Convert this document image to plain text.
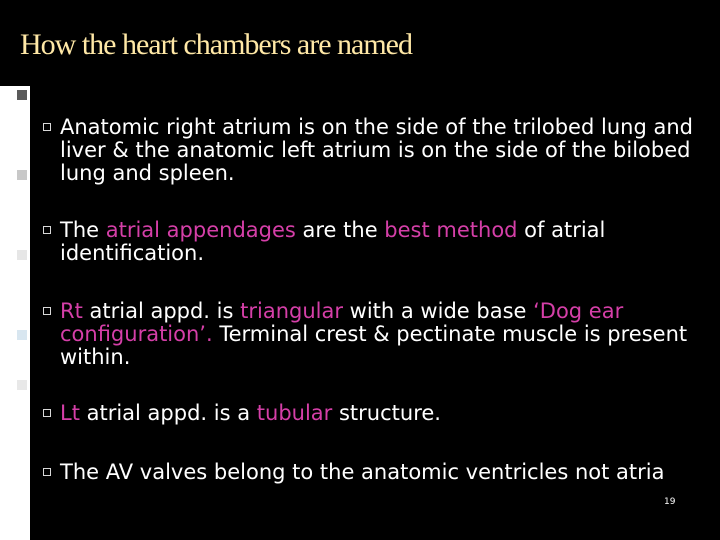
How the heart chambers are named
Anatomic right atrium is on the side of the trilobed lung and liver & the anatomic left atrium is on the side of the bilobed lung and spleen.
The atrial appendages are the best method of atrial identification.
Rt atrial appd. is triangular with a wide base ‘Dog ear configuration’. Terminal crest & pectinate muscle is present within.
Lt atrial appd. is a tubular structure.
The AV valves belong to the anatomic ventricles not atria
19
